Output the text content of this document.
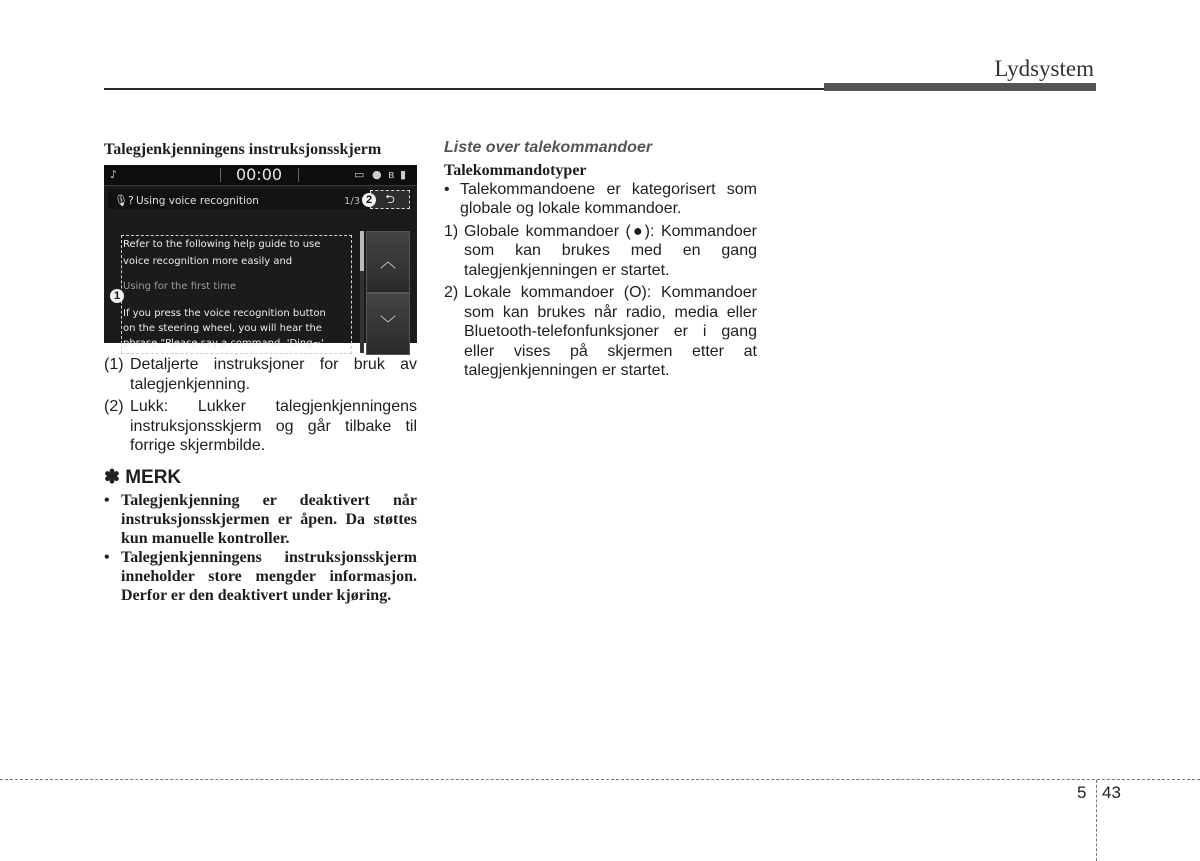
Lydsystem
Talegjenkjenningens instruksjonsskjerm
♪	00:00	▭ ● ʙ ▮
🎙? Using voice recognition	1/3	⮌
2
Refer to the following help guide to use
voice recognition more easily and
Using for the first time
If you press the voice recognition button
on the steering wheel, you will hear the
phrase "Please say a command, 'Ding~'.
1
︿
﹀
(1) Detaljerte instruksjoner for bruk av talegjenkjenning.
(2) Lukk: Lukker talegjenkjenningens instruksjonsskjerm og går tilbake til forrige skjermbilde.
✽ MERK
• Talegjenkjenning er deaktivert når instruksjonsskjermen er åpen. Da støttes kun manuelle kontroller.
• Talegjenkjenningens instruksjonsskjerm inneholder store mengder informasjon. Derfor er den deaktivert under kjøring.
Liste over talekommandoer
Talekommandotyper
• Talekommandoene er kategorisert som globale og lokale kommandoer.
1) Globale kommandoer (●): Kommandoer som kan brukes med en gang talegjenkjenningen er startet.
2) Lokale kommandoer (O): Kommandoer som kan brukes når radio, media eller Bluetooth-telefonfunksjoner er i gang eller vises på skjermen etter at talegjenkjenningen er startet.
5 43
